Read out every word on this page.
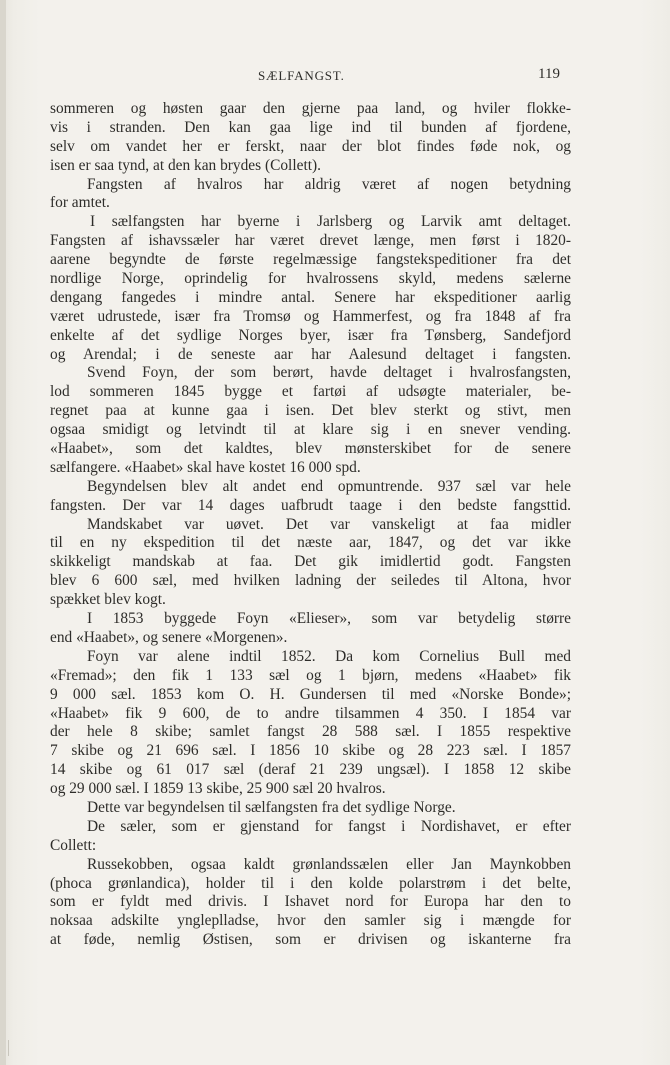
SÆLFANGST.	119
sommeren og høsten gaar den gjerne paa land, og hviler flokke-
vis i stranden. Den kan gaa lige ind til bunden af fjordene,
selv om vandet her er ferskt, naar der blot findes føde nok, og
isen er saa tynd, at den kan brydes (Collett).
Fangsten af hvalros har aldrig været af nogen betydning
for amtet.
I sælfangsten har byerne i Jarlsberg og Larvik amt deltaget.
Fangsten af ishavssæler har været drevet længe, men først i 1820-
aarene begyndte de første regelmæssige fangstekspeditioner fra det
nordlige Norge, oprindelig for hvalrossens skyld, medens sælerne
dengang fangedes i mindre antal. Senere har ekspeditioner aarlig
været udrustede, især fra Tromsø og Hammerfest, og fra 1848 af fra
enkelte af det sydlige Norges byer, især fra Tønsberg, Sandefjord
og Arendal; i de seneste aar har Aalesund deltaget i fangsten.
Svend Foyn, der som berørt, havde deltaget i hvalrosfangsten,
lod sommeren 1845 bygge et fartøi af udsøgte materialer, be-
regnet paa at kunne gaa i isen. Det blev sterkt og stivt, men
ogsaa smidigt og letvindt til at klare sig i en snever vending.
«Haabet», som det kaldtes, blev mønsterskibet for de senere
sælfangere. «Haabet» skal have kostet 16 000 spd.
Begyndelsen blev alt andet end opmuntrende. 937 sæl var hele
fangsten. Der var 14 dages uafbrudt taage i den bedste fangsttid.
Mandskabet var uøvet. Det var vanskeligt at faa midler
til en ny ekspedition til det næste aar, 1847, og det var ikke
skikkeligt mandskab at faa. Det gik imidlertid godt. Fangsten
blev 6 600 sæl, med hvilken ladning der seiledes til Altona, hvor
spækket blev kogt.
I 1853 byggede Foyn «Elieser», som var betydelig større
end «Haabet», og senere «Morgenen».
Foyn var alene indtil 1852. Da kom Cornelius Bull med
«Fremad»; den fik 1 133 sæl og 1 bjørn, medens «Haabet» fik
9 000 sæl. 1853 kom O. H. Gundersen til med «Norske Bonde»;
«Haabet» fik 9 600, de to andre tilsammen 4 350. I 1854 var
der hele 8 skibe; samlet fangst 28 588 sæl. I 1855 respektive
7 skibe og 21 696 sæl. I 1856 10 skibe og 28 223 sæl. I 1857
14 skibe og 61 017 sæl (deraf 21 239 ungsæl). I 1858 12 skibe
og 29 000 sæl. I 1859 13 skibe, 25 900 sæl 20 hvalros.
Dette var begyndelsen til sælfangsten fra det sydlige Norge.
De sæler, som er gjenstand for fangst i Nordishavet, er efter
Collett:
Russekobben, ogsaa kaldt grønlandssælen eller Jan Maynkobben
(phoca grønlandica), holder til i den kolde polarstrøm i det belte,
som er fyldt med drivis. I Ishavet nord for Europa har den to
noksaa adskilte yngleplladse, hvor den samler sig i mængde for
at føde, nemlig Østisen, som er drivisen og iskanterne fra
